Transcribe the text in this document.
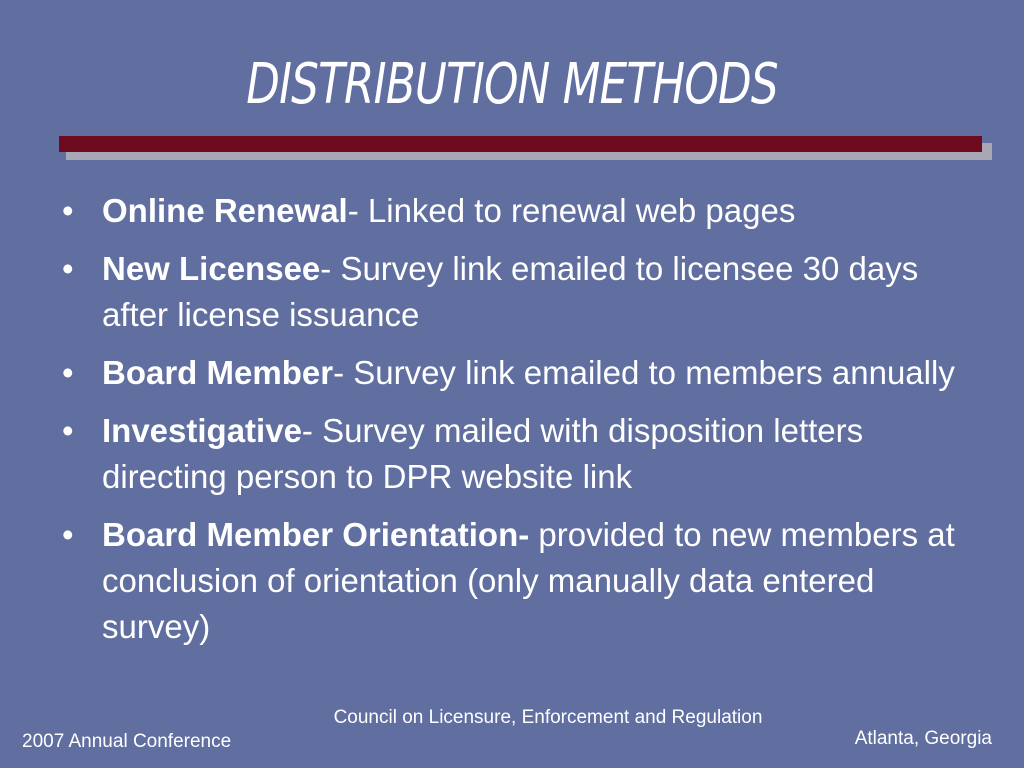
DISTRIBUTION METHODS
• Online Renewal- Linked to renewal web pages
• New Licensee- Survey link emailed to licensee 30 days after license issuance
• Board Member- Survey link emailed to members annually
• Investigative- Survey mailed with disposition letters directing person to DPR website link
• Board Member Orientation- provided to new members at conclusion of orientation (only manually data entered survey)
Council on Licensure, Enforcement and Regulation
2007 Annual Conference	Atlanta, Georgia
